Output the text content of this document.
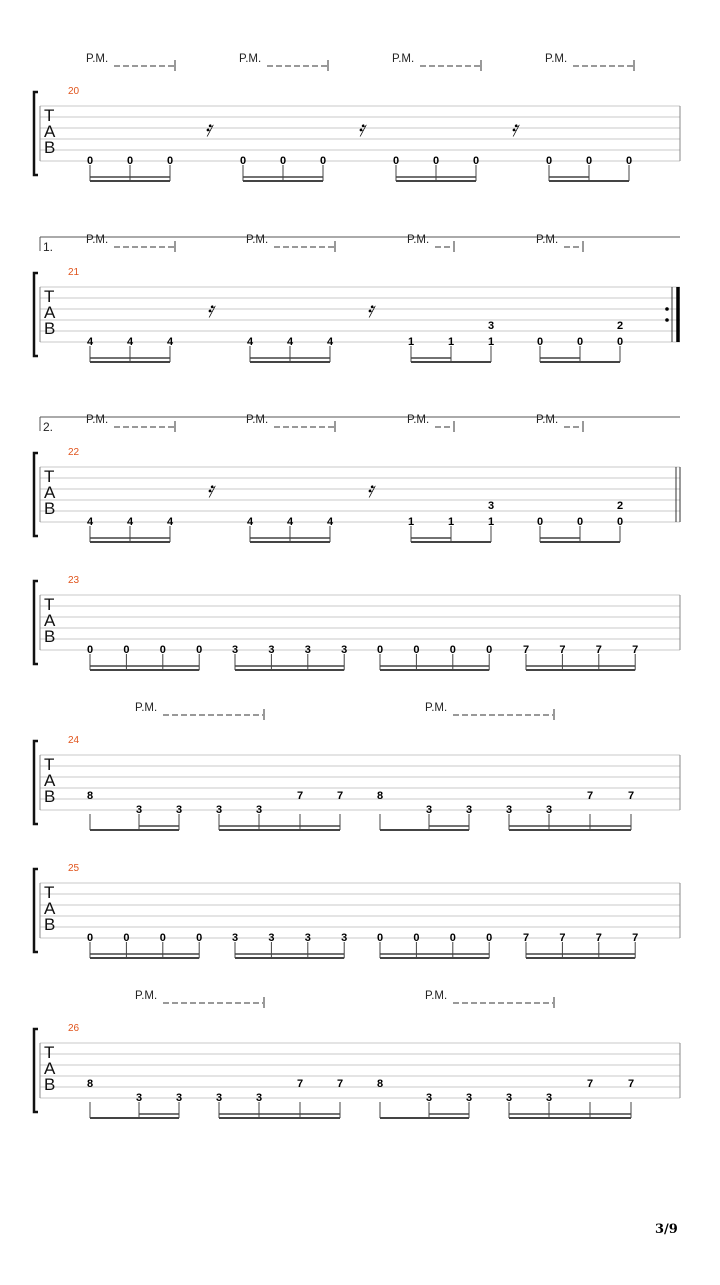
20
T
A
B
P.M.	P.M.	P.M.	P.M.
0	0	0
𝄿
0	0	0
𝄿
0	0	0
𝄿
0	0	0
21
T
A
B
1.	P.M.	P.M.	P.M.	P.M.
4	4	4
𝄿
4	4	4
𝄿
1	1	1
3
0	0	0
2
22
T
A
B
2.	P.M.	P.M.	P.M.	P.M.
4	4	4
𝄿
4	4	4
𝄿
1	1	1
3
0	0	0
2
23
T
A
B
0	0	0	0	3	3	3	3	0	0	0	0	7	7	7	7
24
T
A
B
P.M.	P.M.
8
3	3	3	3
7	7	8
3	3	3	3
7	7
25
T
A
B
0	0	0	0	3	3	3	3	0	0	0	0	7	7	7	7
26
T
A
B
P.M.	P.M.
8
3	3	3	3
7	7	8
3	3	3	3
7	7
3/9
